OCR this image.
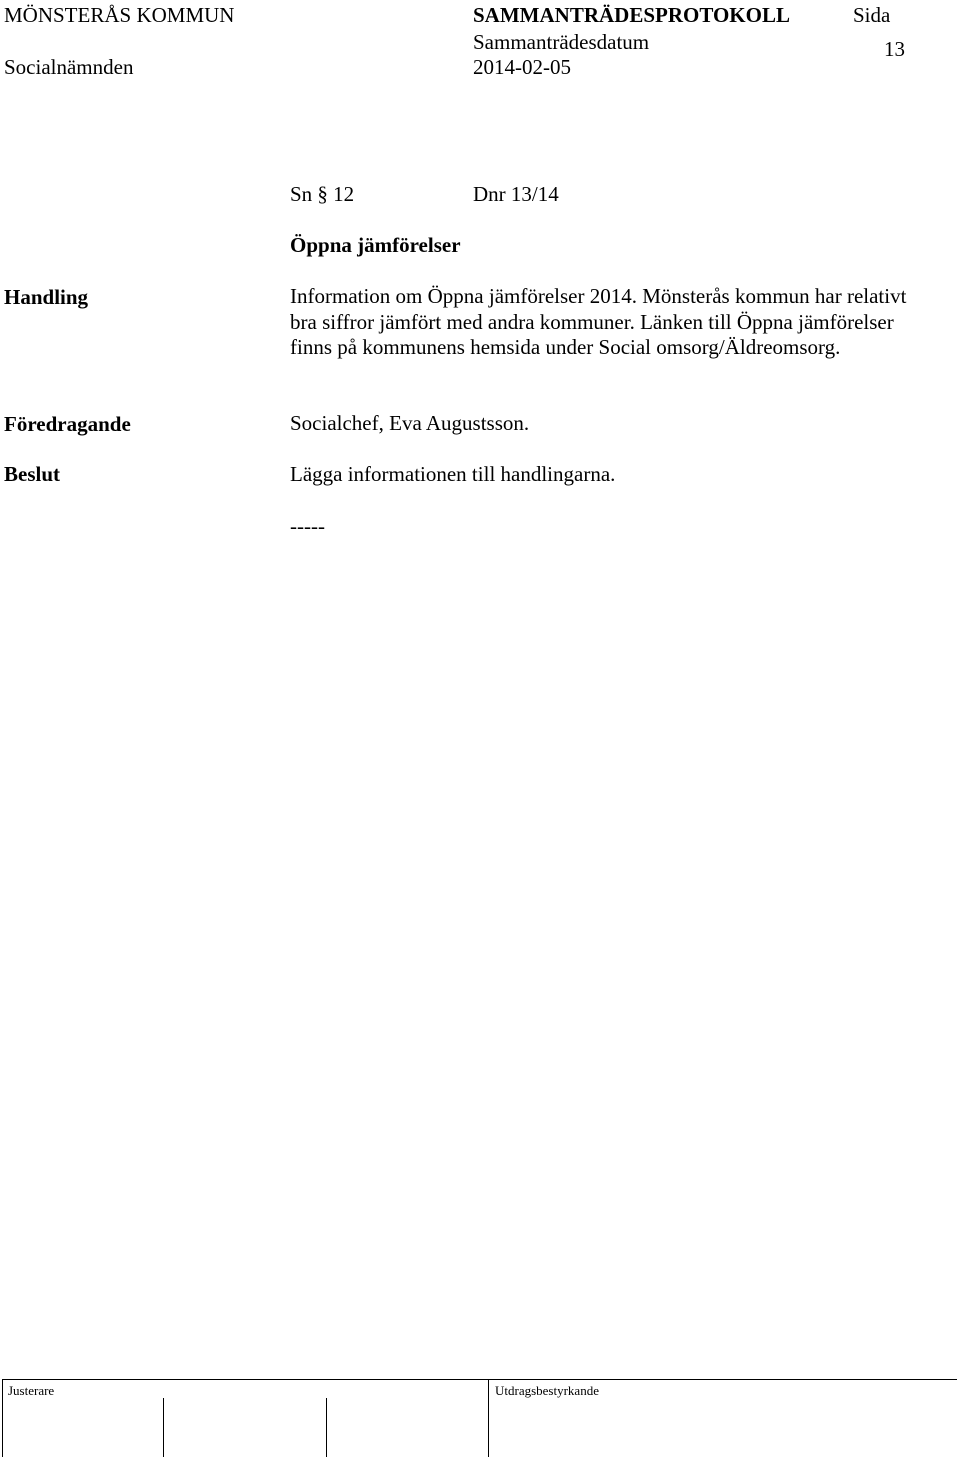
MÖNSTERÅS KOMMUN	SAMMANTRÄDESPROTOKOLL	Sida
13
Sammanträdesdatum
Socialnämnden	2014-02-05
Sn § 12	Dnr 13/14
Öppna jämförelser
Handling	Information om Öppna jämförelser 2014. Mönsterås kommun har relativt bra siffror jämfört med andra kommuner. Länken till Öppna jämförelser finns på kommunens hemsida under Social omsorg/Äldreomsorg.
Föredragande	Socialchef, Eva Augustsson.
Beslut	Lägga informationen till handlingarna.
-----
Justerare	Utdragsbestyrkande
